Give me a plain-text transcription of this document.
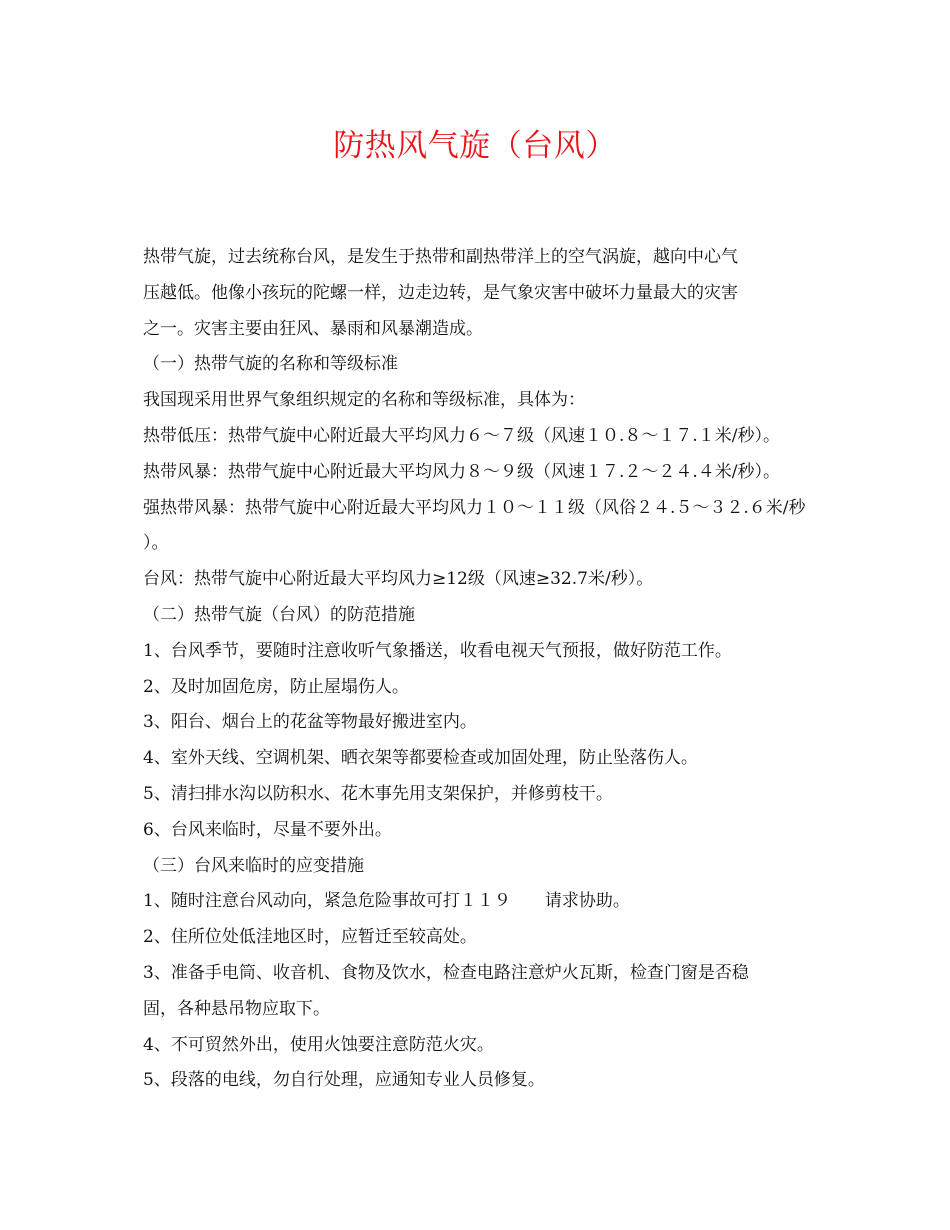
防热风气旋（台风）

热带气旋，过去统称台风，是发生于热带和副热带洋上的空气涡旋，越向中心气

压越低。他像小孩玩的陀螺一样，边走边转，是气象灾害中破坏力量最大的灾害

之一。灾害主要由狂风、暴雨和风暴潮造成。

（一）热带气旋的名称和等级标准

我国现采用世界气象组织规定的名称和等级标准，具体为：

热带低压：热带气旋中心附近最大平均风力６～７级（风速１０.８～１７.１米/秒）。

热带风暴：热带气旋中心附近最大平均风力８～９级（风速１７.２～２４.４米/秒）。

强热带风暴：热带气旋中心附近最大平均风力１０～１１级（风俗２４.５～３２.６米/秒

）。

台风：热带气旋中心附近最大平均风力≥12级（风速≥32.7米/秒）。

（二）热带气旋（台风）的防范措施

1、台风季节，要随时注意收听气象播送，收看电视天气预报，做好防范工作。

2、及时加固危房，防止屋塌伤人。

3、阳台、烟台上的花盆等物最好搬进室内。

4、室外天线、空调机架、晒衣架等都要检查或加固处理，防止坠落伤人。

5、清扫排水沟以防积水、花木事先用支架保护，并修剪枝干。

6、台风来临时，尽量不要外出。

（三）台风来临时的应变措施

1、随时注意台风动向，紧急危险事故可打１１９　　请求协助。

2、住所位处低洼地区时，应暂迁至较高处。

3、准备手电筒、收音机、食物及饮水，检查电路注意炉火瓦斯，检查门窗是否稳

固，各种悬吊物应取下。

4、不可贸然外出，使用火蚀要注意防范火灾。

5、段落的电线，勿自行处理，应通知专业人员修复。
